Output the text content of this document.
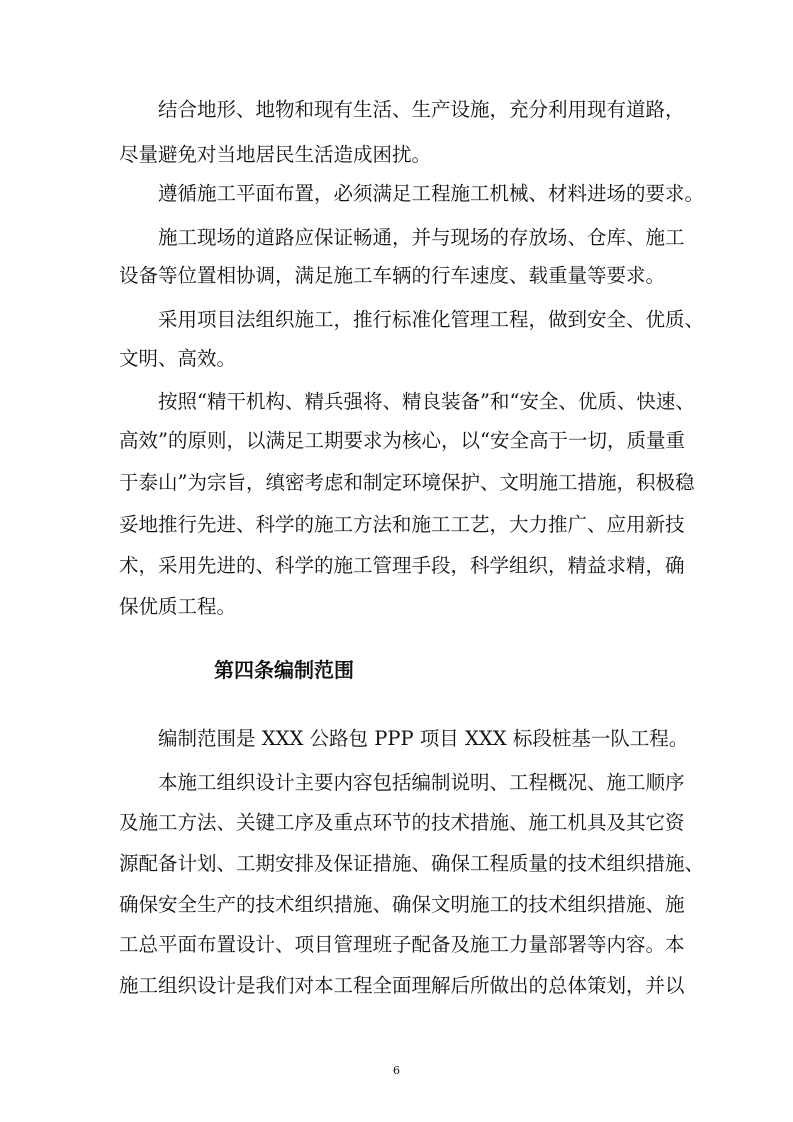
结合地形、地物和现有生活、生产设施，充分利用现有道路，
尽量避免对当地居民生活造成困扰。
遵循施工平面布置，必须满足工程施工机械、材料进场的要求。
施工现场的道路应保证畅通，并与现场的存放场、仓库、施工
设备等位置相协调，满足施工车辆的行车速度、载重量等要求。
采用项目法组织施工，推行标准化管理工程，做到安全、优质、
文明、高效。
按照“精干机构、精兵强将、精良装备”和“安全、优质、快速、
高效”的原则，以满足工期要求为核心，以“安全高于一切，质量重
于泰山”为宗旨，缜密考虑和制定环境保护、文明施工措施，积极稳
妥地推行先进、科学的施工方法和施工工艺，大力推广、应用新技
术，采用先进的、科学的施工管理手段，科学组织，精益求精，确
保优质工程。
第四条编制范围
编制范围是 XXX 公路包 PPP 项目 XXX 标段桩基一队工程。
本施工组织设计主要内容包括编制说明、工程概况、施工顺序
及施工方法、关键工序及重点环节的技术措施、施工机具及其它资
源配备计划、工期安排及保证措施、确保工程质量的技术组织措施、
确保安全生产的技术组织措施、确保文明施工的技术组织措施、施
工总平面布置设计、项目管理班子配备及施工力量部署等内容。本
施工组织设计是我们对本工程全面理解后所做出的总体策划，并以
6
